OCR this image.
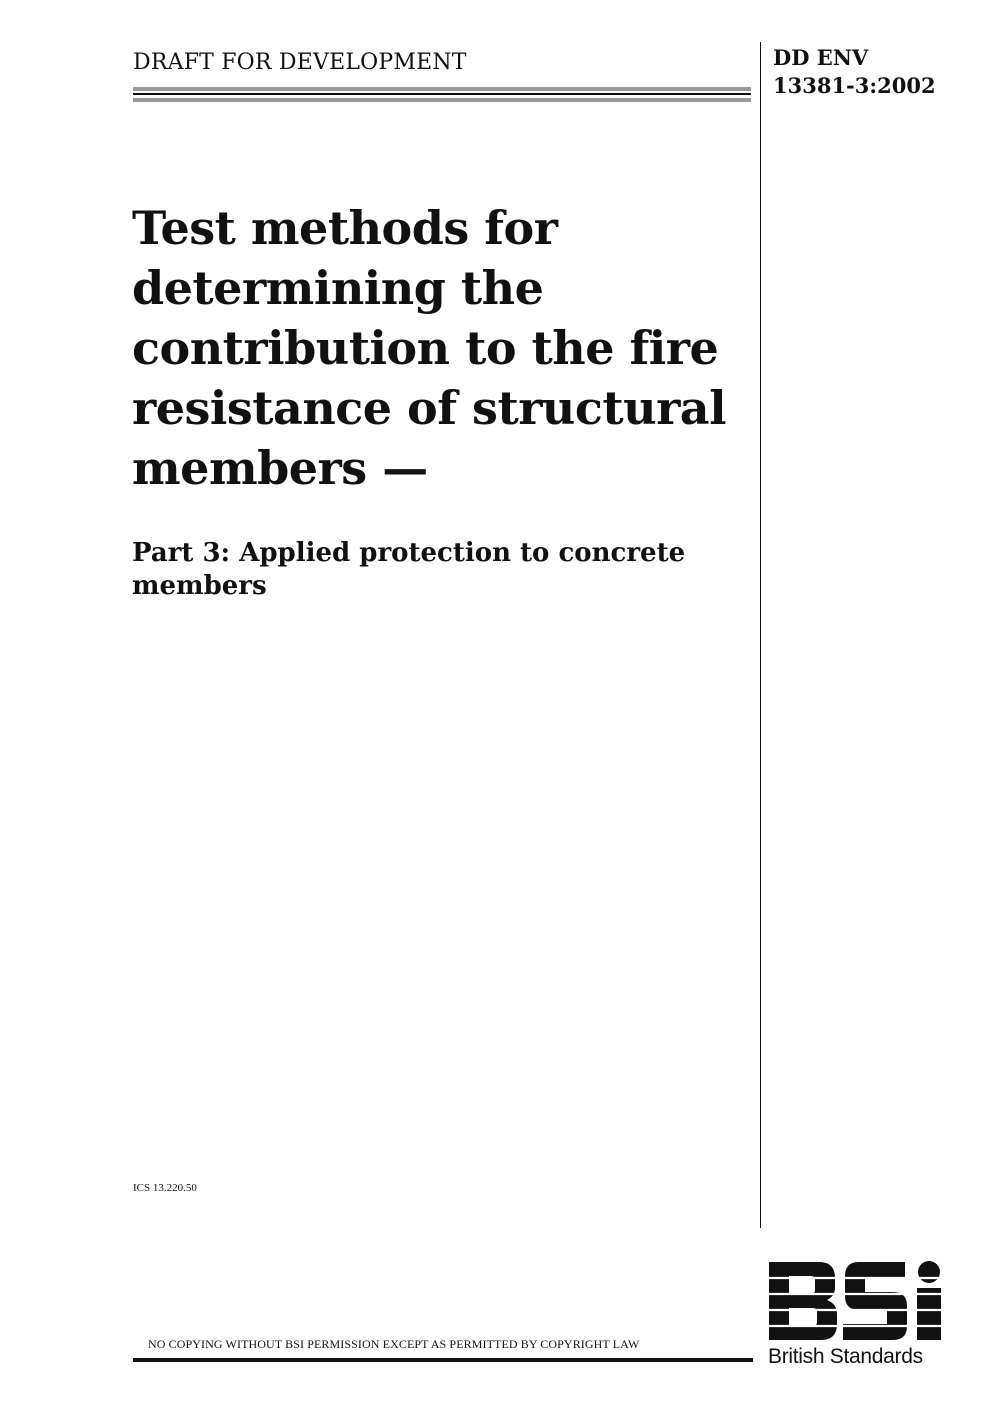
DRAFT FOR DEVELOPMENT	DD ENV
13381-3:2002
Test methods for
determining the
contribution to the fire
resistance of structural
members —
Part 3: Applied protection to concrete
members
ICS 13.220.50
NO COPYING WITHOUT BSI PERMISSION EXCEPT AS PERMITTED BY COPYRIGHT LAW
British Standards
